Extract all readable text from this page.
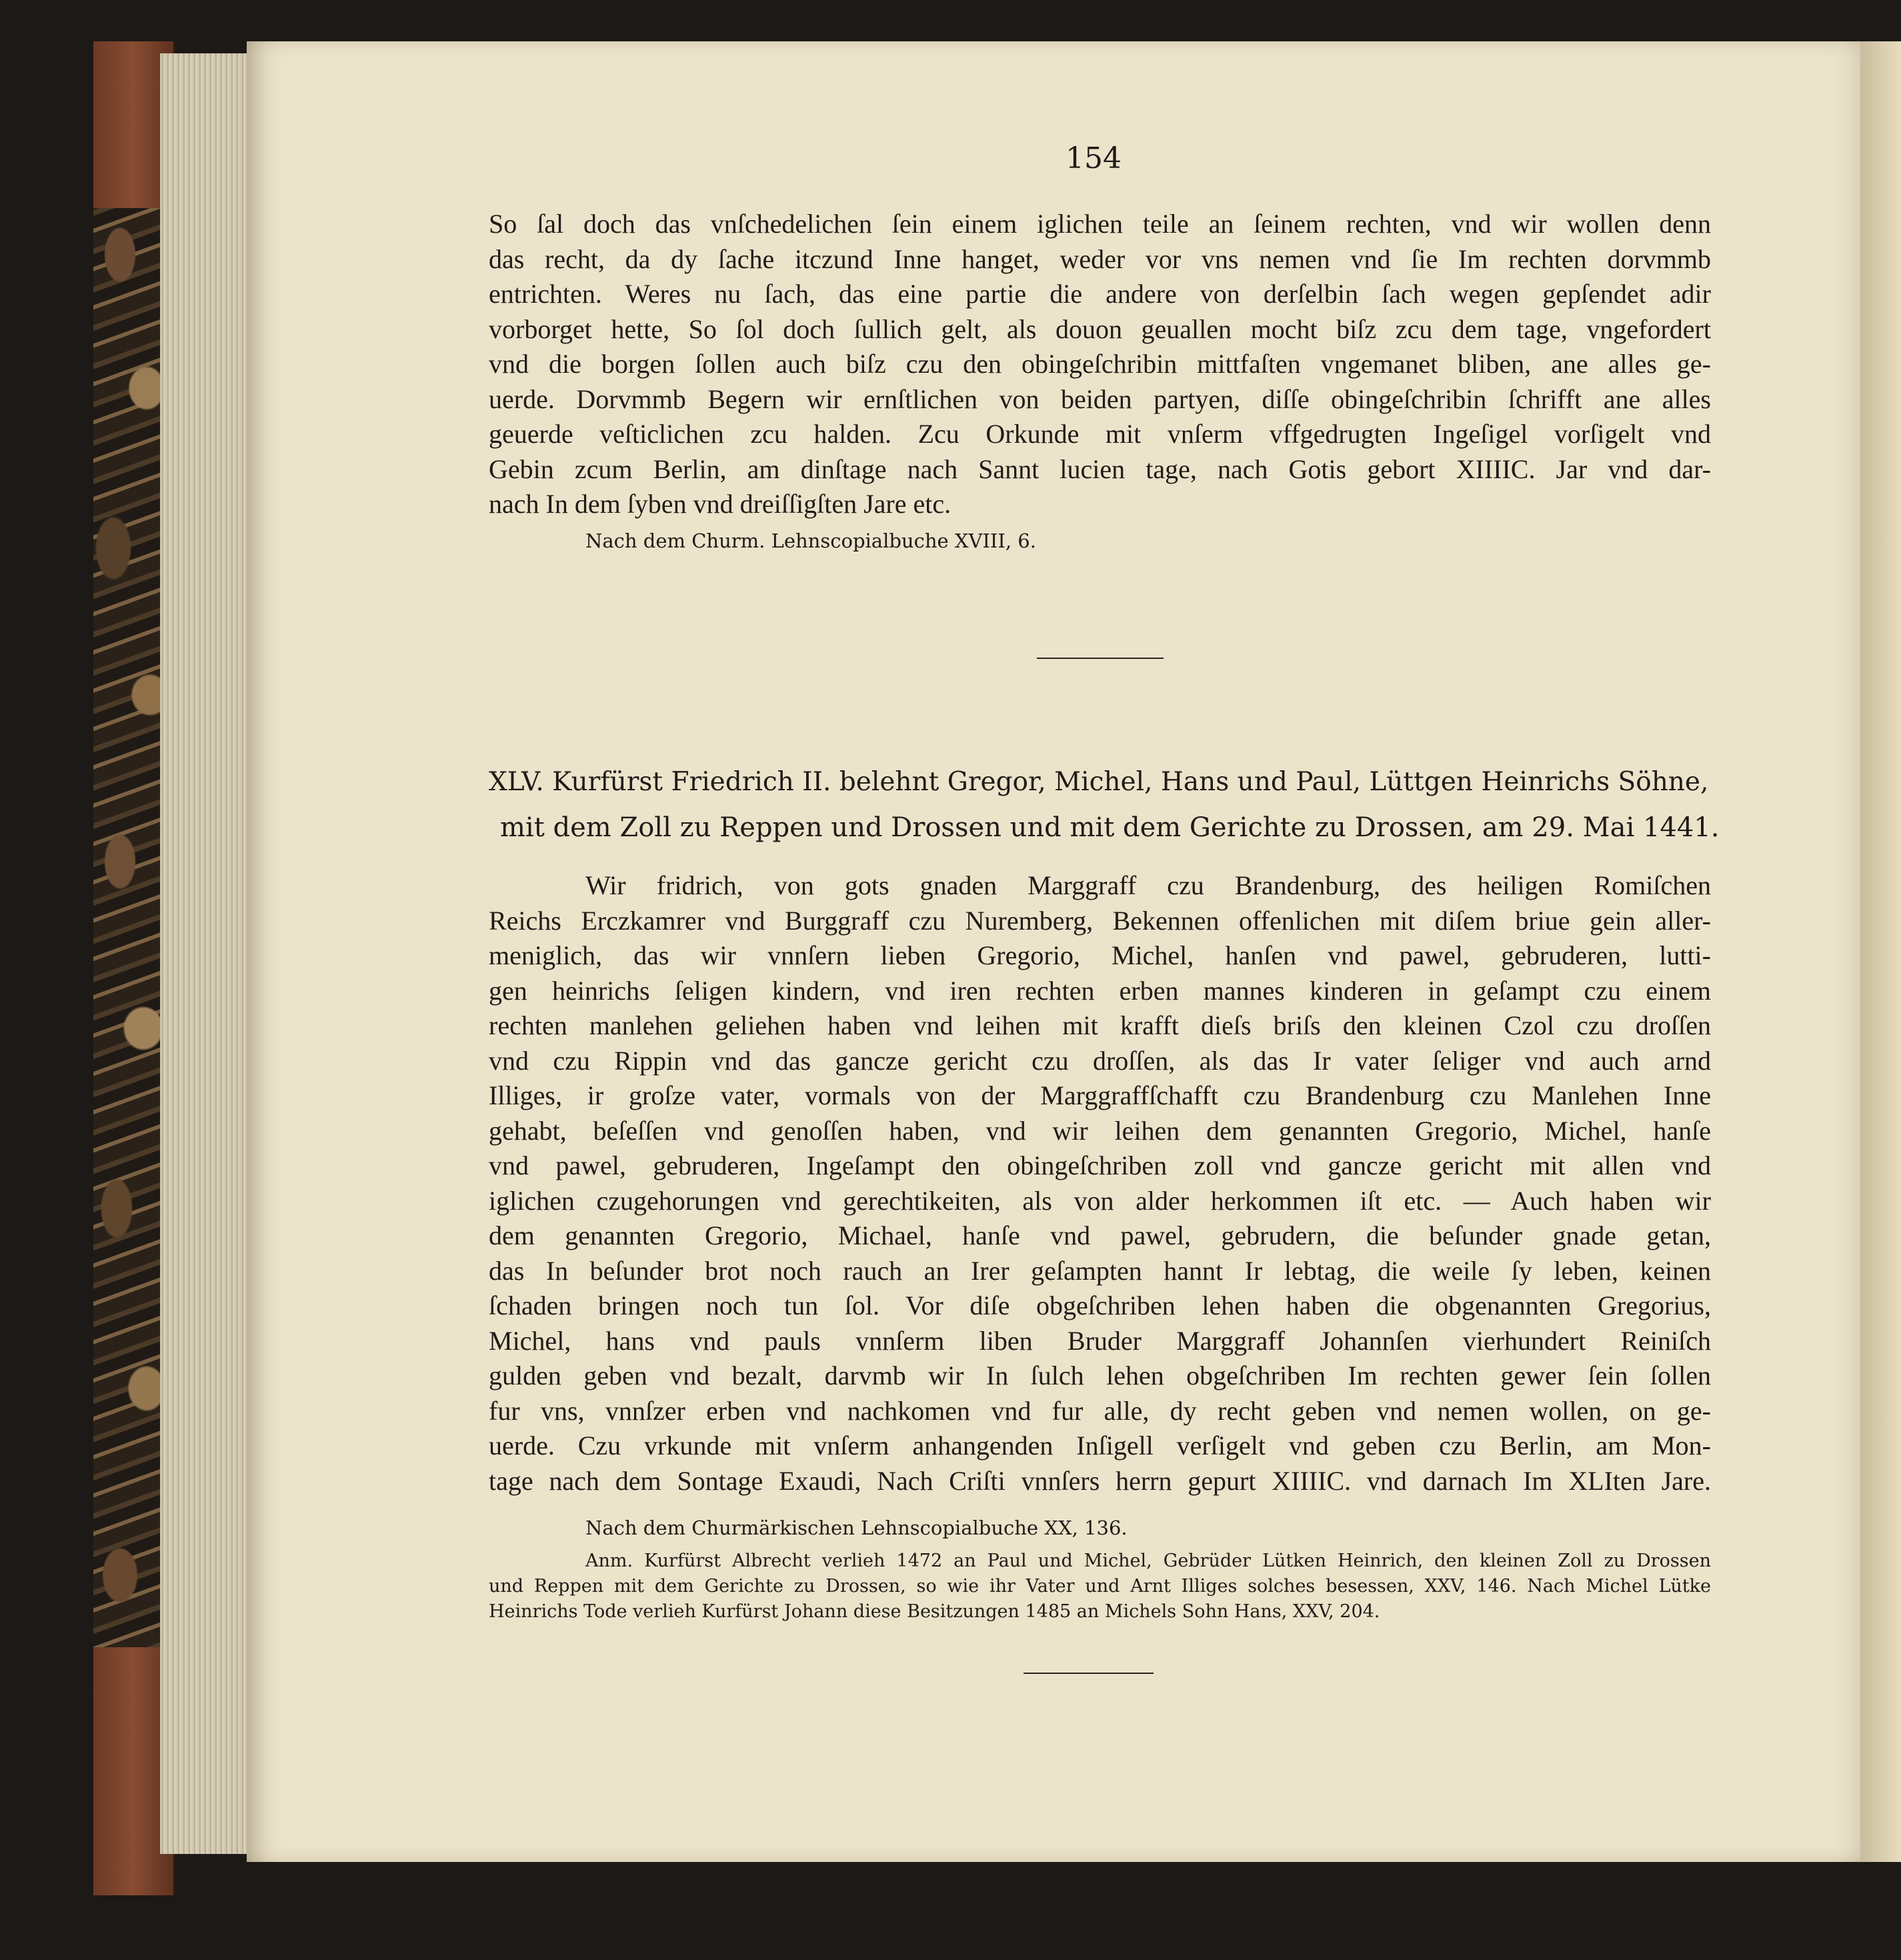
154
So ſal doch das vnſchedelichen ſein einem iglichen teile an ſeinem rechten, vnd wir wollen denn
das recht, da dy ſache itczund Inne hanget, weder vor vns nemen vnd ſie Im rechten dorvmmb
entrichten. Weres nu ſach, das eine partie die andere von derſelbin ſach wegen gepſendet adir
vorborget hette, So ſol doch ſullich gelt, als douon geuallen mocht biſz zcu dem tage, vngefordert
vnd die borgen ſollen auch biſz czu den obingeſchribin mittfaſten vngemanet bliben, ane alles ge-
uerde. Dorvmmb Begern wir ernſtlichen von beiden partyen, diſſe obingeſchribin ſchrifft ane alles
geuerde veſticlichen zcu halden. Zcu Orkunde mit vnſerm vffgedrugten Ingeſigel vorſigelt vnd
Gebin zcum Berlin, am dinſtage nach Sannt lucien tage, nach Gotis gebort XIIIIC. Jar vnd dar-
nach In dem ſyben vnd dreiſſigſten Jare etc.
Nach dem Churm. Lehnscopialbuche XVIII, 6.
XLV. Kurfürst Friedrich II. belehnt Gregor, Michel, Hans und Paul, Lüttgen Heinrichs Söhne,
mit dem Zoll zu Reppen und Drossen und mit dem Gerichte zu Drossen, am 29. Mai 1441.
Wir fridrich, von gots gnaden Marggraff czu Brandenburg, des heiligen Romiſchen
Reichs Erczkamrer vnd Burggraff czu Nuremberg, Bekennen offenlichen mit diſem briue gein aller-
meniglich, das wir vnnſern lieben Gregorio, Michel, hanſen vnd pawel, gebruderen, lutti-
gen heinrichs ſeligen kindern, vnd iren rechten erben mannes kinderen in geſampt czu einem
rechten manlehen geliehen haben vnd leihen mit krafft dieſs briſs den kleinen Czol czu droſſen
vnd czu Rippin vnd das gancze gericht czu droſſen, als das Ir vater ſeliger vnd auch arnd
Illiges, ir groſze vater, vormals von der Marggraffſchafft czu Brandenburg czu Manlehen Inne
gehabt, beſeſſen vnd genoſſen haben, vnd wir leihen dem genannten Gregorio, Michel, hanſe
vnd pawel, gebruderen, Ingeſampt den obingeſchriben zoll vnd gancze gericht mit allen vnd
iglichen czugehorungen vnd gerechtikeiten, als von alder herkommen iſt etc. — Auch haben wir
dem genannten Gregorio, Michael, hanſe vnd pawel, gebrudern, die beſunder gnade getan,
das In beſunder brot noch rauch an Irer geſampten hannt Ir lebtag, die weile ſy leben, keinen
ſchaden bringen noch tun ſol. Vor diſe obgeſchriben lehen haben die obgenannten Gregorius,
Michel, hans vnd pauls vnnſerm liben Bruder Marggraff Johannſen vierhundert Reiniſch
gulden geben vnd bezalt, darvmb wir In ſulch lehen obgeſchriben Im rechten gewer ſein ſollen
fur vns, vnnſzer erben vnd nachkomen vnd fur alle, dy recht geben vnd nemen wollen, on ge-
uerde. Czu vrkunde mit vnſerm anhangenden Inſigell verſigelt vnd geben czu Berlin, am Mon-
tage nach dem Sontage Exaudi, Nach Criſti vnnſers herrn gepurt XIIIIC. vnd darnach Im XLIten Jare.
Nach dem Churmärkischen Lehnscopialbuche XX, 136.
Anm. Kurfürst Albrecht verlieh 1472 an Paul und Michel, Gebrüder Lütken Heinrich, den kleinen Zoll zu Drossen
und Reppen mit dem Gerichte zu Drossen, so wie ihr Vater und Arnt Illiges solches besessen, XXV, 146. Nach Michel Lütke
Heinrichs Tode verlieh Kurfürst Johann diese Besitzungen 1485 an Michels Sohn Hans, XXV, 204.
